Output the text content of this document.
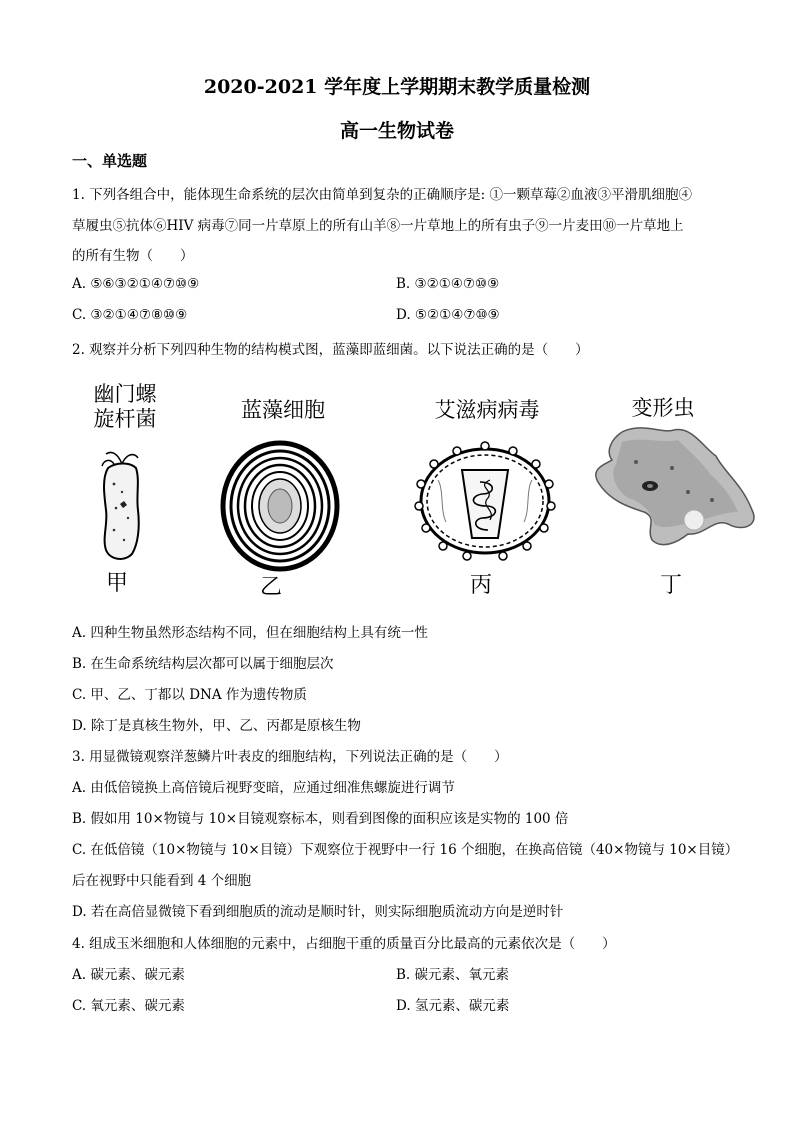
2020-2021 学年度上学期期末教学质量检测
高一生物试卷
一、单选题
1. 下列各组合中，能体现生命系统的层次由简单到复杂的正确顺序是: ①一颗草莓②血液③平滑肌细胞④
草履虫⑤抗体⑥HIV 病毒⑦同一片草原上的所有山羊⑧一片草地上的所有虫子⑨一片麦田⑩一片草地上
的所有生物（　　）
A. ⑤⑥③②①④⑦⑩⑨	B. ③②①④⑦⑩⑨
C. ③②①④⑦⑧⑩⑨	D. ⑤②①④⑦⑩⑨
2. 观察并分析下列四种生物的结构模式图，蓝藻即蓝细菌。以下说法正确的是（　　）
幽门螺
旋杆菌	蓝藻细胞	艾滋病病毒	变形虫
甲	乙	丙	丁
A. 四种生物虽然形态结构不同，但在细胞结构上具有统一性
B. 在生命系统结构层次都可以属于细胞层次
C. 甲、乙、丁都以 DNA 作为遗传物质
D. 除丁是真核生物外，甲、乙、丙都是原核生物
3. 用显微镜观察洋葱鳞片叶表皮的细胞结构，下列说法正确的是（　　）
A. 由低倍镜换上高倍镜后视野变暗，应通过细准焦螺旋进行调节
B. 假如用 10×物镜与 10×目镜观察标本，则看到图像的面积应该是实物的 100 倍
C. 在低倍镜（10×物镜与 10×目镜）下观察位于视野中一行 16 个细胞，在换高倍镜（40×物镜与 10×目镜）
后在视野中只能看到 4 个细胞
D. 若在高倍显微镜下看到细胞质的流动是顺时针，则实际细胞质流动方向是逆时针
4. 组成玉米细胞和人体细胞的元素中，占细胞干重的质量百分比最高的元素依次是（　　）
A. 碳元素、碳元素	B. 碳元素、氧元素
C. 氧元素、碳元素	D. 氢元素、碳元素
